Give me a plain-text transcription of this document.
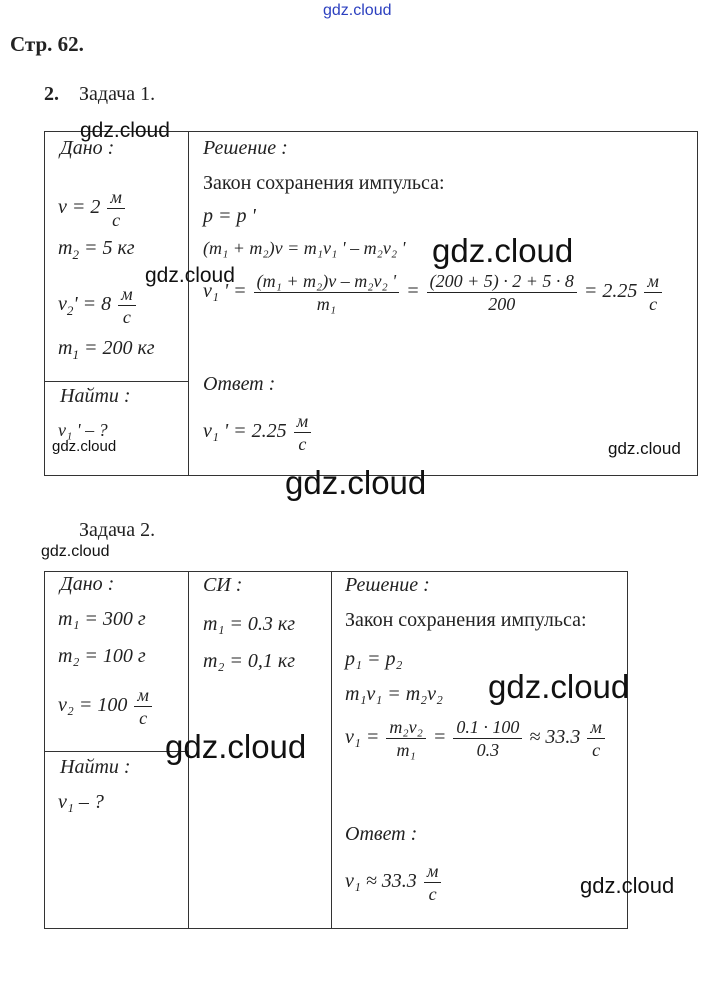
gdz.cloud
Стр. 62.
2. Задача 1.
Дано :
$v = 2 \frac{м}{с}$
$m_2 = 5$ кг
$v_2' = 8 \frac{м}{с}$
$m_1 = 200$ кг
Найти :
v₁ ' – ?
Решение :
Закон сохранения импульса:
p = p '
(m₁ + m₂)v = m₁v₁ ' – m₂v₂ '
v₁ ' = $\frac{\text{(m₁ + m₂)v – m₂v₂ '}}{\text{m₁}} = \frac{(200 + 5) \cdot 2 + 5 \cdot 8}{200} = 2.25 \frac{м}{с}$
Ответ :
v₁ ' = $2.25 \frac{м}{с}$
gdz.cloud
gdz.cloud
gdz.cloud
gdz.cloud	gdz.cloud
gdz.cloud
Задача 2.
gdz.cloud
Дано :
m₁ = 300 г
m₂ = 100 г
$v_2 = 100 \frac{м}{с}$
Найти :
v₁ – ?
СИ :
m₁ = 0.3 кг
m₂ = 0,1 кг
Решение :
Закон сохранения импульса:
p₁ = p₂
m₁v₁ = m₂v₂
$v_1 = \frac{\text{m₂v₂}}{\text{m₁}} = \frac{0.1 \cdot 100}{0.3} \approx 33.3 \frac{м}{с}$
Ответ :
$v_1 \approx 33.3 \frac{м}{с}$
gdz.cloud
gdz.cloud
gdz.cloud
